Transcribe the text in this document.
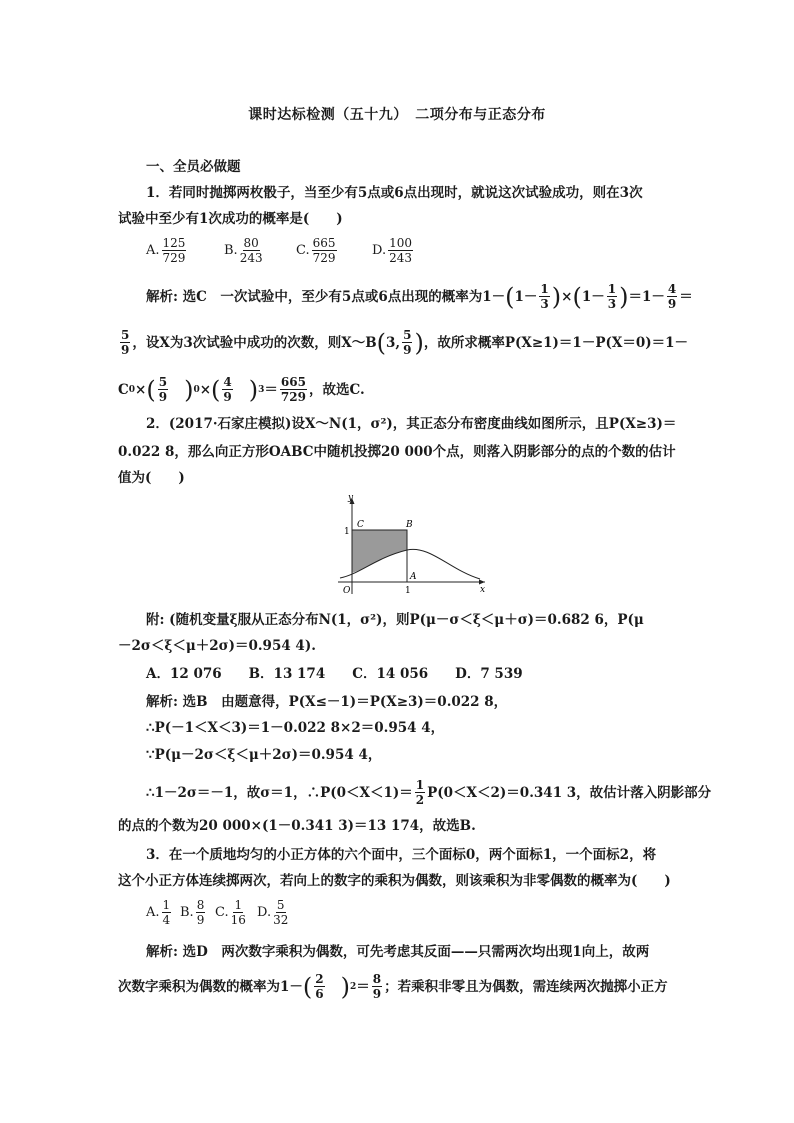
课时达标检测（五十九）　二项分布与正态分布
一、全员必做题
1．若同时抛掷两枚骰子，当至少有5点或6点出现时，就说这次试验成功，则在3次
试验中至少有1次成功的概率是(　　)
A. $\frac{125}{729}$	B. $\frac{80}{243}$	C. $\frac{665}{729}$	D. $\frac{100}{243}$
解析: 选C　一次试验中，至少有5点或6点出现的概率为1－ ( $1- \frac{1}{3}$ ) × ( $1- \frac{1}{3}$ ) $=1- \frac{4}{9}$ ＝
$\frac{5}{9}$ ，设X为3次试验中成功的次数，则X～B ( 3, $\frac{5}{9}$ ) ，故所求概率P(X≥1)＝1－P(X＝0)＝1－
C 0 × ( $\frac{5}{9}$ ) 0 × ( $\frac{4}{9}$ ) $3 = \frac{665}{729}$ ，故选C.
2．(2017·石家庄模拟)设X～N(1，σ²)，其正态分布密度曲线如图所示，且P(X≥3)＝
0.022 8，那么向正方形OABC中随机投掷20 000个点，则落入阴影部分的点的个数的估计
值为(　　)
y
x
C	B
A
O
1
1
附: (随机变量ξ服从正态分布N(1，σ²)，则P(μ－σ＜ξ＜μ＋σ)＝0.682 6，P(μ
－2σ＜ξ＜μ＋2σ)＝0.954 4).
A．12 076　　B．13 174　　C．14 056　　D．7 539
解析: 选B　由题意得，P(X≤－1)＝P(X≥3)＝0.022 8，
∴P(－1＜X＜3)＝1－0.022 8×2＝0.954 4，
∵P(μ－2σ＜ξ＜μ＋2σ)＝0.954 4，
∴1－2σ＝－1，故σ＝1，∴P(0＜X＜1)＝ $\frac{1}{2} P(0<X<2)=0.341$ 3，故估计落入阴影部分
的点的个数为20 000×(1－0.341 3)＝13 174，故选B.
3．在一个质地均匀的小正方体的六个面中，三个面标0，两个面标1，一个面标2，将
这个小正方体连续掷两次，若向上的数字的乘积为偶数，则该乘积为非零偶数的概率为(　　)
A. $\frac{1}{4} B$. $\frac{8}{9} C$. $\frac{1}{16} D$. $\frac{5}{32}$
解析: 选D　两次数字乘积为偶数，可先考虑其反面——只需两次均出现1向上，故两
次数字乘积为偶数的概率为1－ ( $\frac{2}{6}$ ) $2 = \frac{8}{9}$ ；若乘积非零且为偶数，需连续两次抛掷小正方
